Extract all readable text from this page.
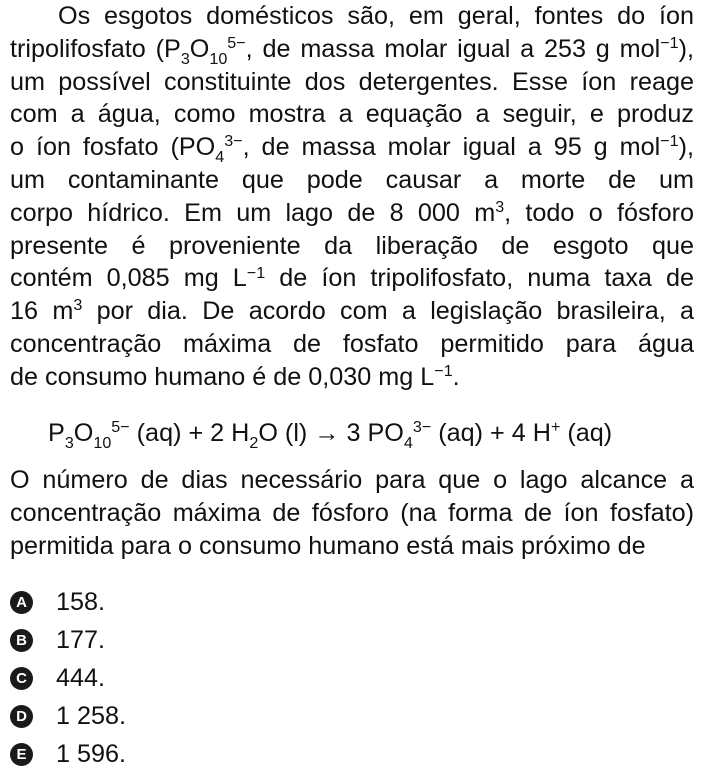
Os esgotos domésticos são, em geral, fontes do íon
tripolifosfato ($P_3O_{10}^{5-}$, de massa molar igual a 253 g mol$^{-1}$),
um possível constituinte dos detergentes. Esse íon reage
com a água, como mostra a equação a seguir, e produz
o íon fosfato ($PO_4^{3-}$, de massa molar igual a 95 g mol$^{-1}$),
um contaminante que pode causar a morte de um
corpo hídrico. Em um lago de 8 000 $m^3$, todo o fósforo
presente é proveniente da liberação de esgoto que
contém 0,085 mg $L^{-1}$ de íon tripolifosfato, numa taxa de
16 $m^3$ por dia. De acordo com a legislação brasileira, a
concentração máxima de fosfato permitido para água
de consumo humano é de 0,030 mg $L^{-1}$.
$P_3O_{10}^{5-}$ (aq) + 2 $H_2O$ (l) → 3 $PO_4^{3-}$ (aq) + 4 H+ (aq)
O número de dias necessário para que o lago alcance a
concentração máxima de fósforo (na forma de íon fosfato)
permitida para o consumo humano está mais próximo de
A 158.
B 177.
C 444.
D 1 258.
E 1 596.
